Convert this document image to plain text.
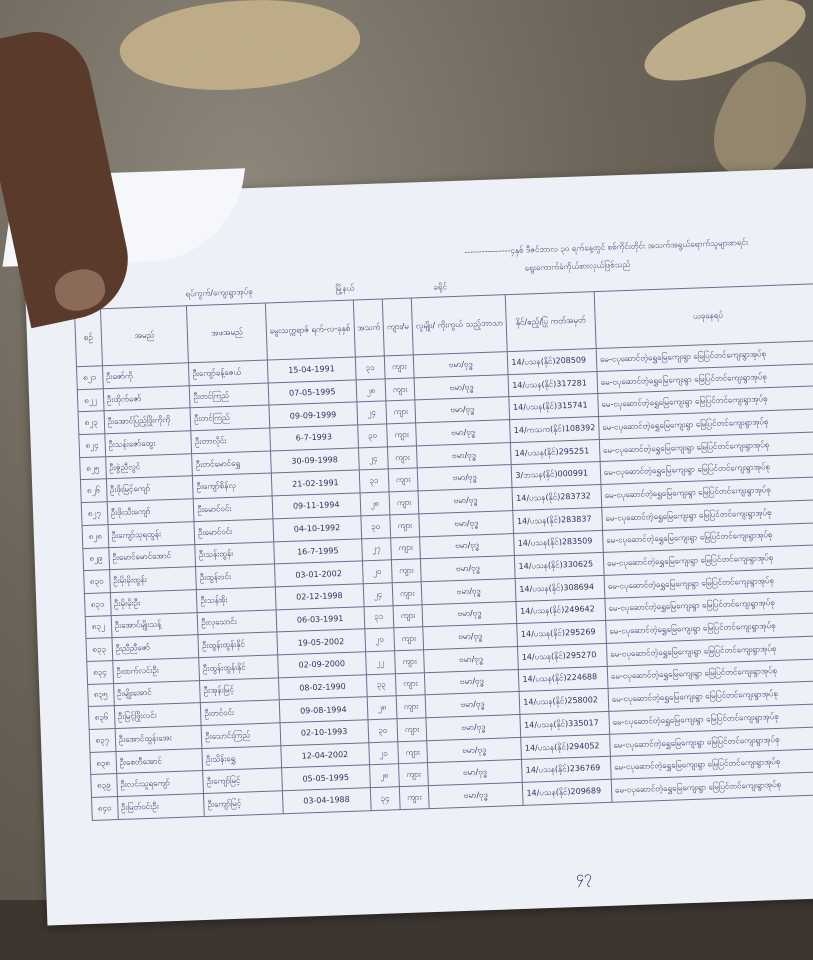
----------------၄နှစ် ဒီဇင်ဘာလ ၃၀ ရက်နေ့တွင် စစ်ကိုင်းတိုင်း အသက်အရွယ်ရောက်သူများစာရင်း
ရွေးကောက်ခံကိုယ်စားလှယ်ဖြစ်သည်
ရပ်ကွက်/ကျေးရွာအုပ်စု	မြို့နယ်	ခရိုင်
စဉ်	အမည်	အဖအမည်	မွေးသက္ကရာဇ် ရက်-လ-ခုနှစ်	အသက်	ကျား/မ	လူမျိုး/ ကိုးကွယ် သည့်ဘာသာ	နိုင်/ဧည့်/ပြု ကတ်အမှတ်	ယခုနေရပ်
၈၂၁	ဦးဇော်ကို	ဦးကျော်ခန့်ဇေယ်	15-04-1991	၃၁	ကျား	ဗမာ/ဗုဒ္ဓ	14/ပသန(နိုင်)208509	မေ-ငပုဆောင်တဲ့ရွှေမြေကျေးရွာ မြေပြင်တင်ကျေးရွာအုပ်စု
၈၂၂	ဦးထိုက်ဇော်	ဦးတင်ကြည်	07-05-1995	၂၈	ကျား	ဗမာ/ဗုဒ္ဓ	14/ပသန(နိုင်)317281	မေ-ငပုဆောင်တဲ့ရွှေမြေကျေးရွာ မြေပြင်တင်ကျေးရွာအုပ်စု
၈၂၃	ဦးအောင်ပြည့်ဖြိုးကိုကို	ဦးတင်ကြည်	09-09-1999	၂၄	ကျား	ဗမာ/ဗုဒ္ဓ	14/ပသန(နိုင်)315741	မေ-ငပုဆောင်တဲ့ရွှေမြေကျေးရွာ မြေပြင်တင်ကျေးရွာအုပ်စု
၈၂၄	ဦးသန်းဇော်ထွေး	ဦးတာလိုင်း	6-7-1993	၃၀	ကျား	ဗမာ/ဗုဒ္ဓ	14/ကသက(နိုင်)108392	မေ-ငပုဆောင်တဲ့ရွှေမြေကျေးရွာ မြေပြင်တင်ကျေးရွာအုပ်စု
၈၂၅	ဦးဇွဲညီလွင်	ဦးတင်မောင်ရွှေ	30-09-1998	၂၄	ကျား	ဗမာ/ဗုဒ္ဓ	14/ပသန(နိုင်)295251	မေ-ငပုဆောင်တဲ့ရွှေမြေကျေးရွာ မြေပြင်တင်ကျေးရွာအုပ်စု
၈၂၆	ဦးဖိုးမြင့်ကျော်	ဦးကျော်စိန်လှ	21-02-1991	၃၁	ကျား	ဗမာ/ဗုဒ္ဓ	3/ဘသန(နိုင်)000991	မေ-ငပုဆောင်တဲ့ရွှေမြေကျေးရွာ မြေပြင်တင်ကျေးရွာအုပ်စု
၈၂၇	ဦးဖိုးသီးကျော်	ဦးမောင်ဝင်း	09-11-1994	၂၈	ကျား	ဗမာ/ဗုဒ္ဓ	14/ပသန(နိုင်)283732	မေ-ငပုဆောင်တဲ့ရွှေမြေကျေးရွာ မြေပြင်တင်ကျေးရွာအုပ်စု
၈၂၈	ဦးကျော်သုရထွန်း	ဦးမောင်ဝင်း	04-10-1992	၃၀	ကျား	ဗမာ/ဗုဒ္ဓ	14/ပသန(နိုင်)283837	မေ-ငပုဆောင်တဲ့ရွှေမြေကျေးရွာ မြေပြင်တင်ကျေးရွာအုပ်စု
၈၂၉	ဦးမောင်မောင်အောင်	ဦးသန်းထွန်း	16-7-1995	၂၇	ကျား	ဗမာ/ဗုဒ္ဓ	14/ပသန(နိုင်)283509	မေ-ငပုဆောင်တဲ့ရွှေမြေကျေးရွာ မြေပြင်တင်ကျေးရွာအုပ်စု
၈၃၀	ဦးမိုးမိုးထွန်း	ဦးထွန်းဝင်း	03-01-2002	၂၀	ကျား	ဗမာ/ဗုဒ္ဓ	14/ပသန(နိုင်)330625	မေ-ငပုဆောင်တဲ့ရွှေမြေကျေးရွာ မြေပြင်တင်ကျေးရွာအုပ်စု
၈၃၁	ဦးမိုးမိုးဦး	ဦးသန်းစိုး	02-12-1998	၂၄	ကျား	ဗမာ/ဗုဒ္ဓ	14/ပသန(နိုင်)308694	မေ-ငပုဆောင်တဲ့ရွှေမြေကျေးရွာ မြေပြင်တင်ကျေးရွာအုပ်စု
၈၃၂	ဦးအောင်မျိုးသန့်	ဦးလှသောင်း	06-03-1991	၃၁	ကျား	ဗမာ/ဗုဒ္ဓ	14/ပသန(နိုင်)249642	မေ-ငပုဆောင်တဲ့ရွှေမြေကျေးရွာ မြေပြင်တင်ကျေးရွာအုပ်စု
၈၃၃	ဦးညီညီဇော်	ဦးထွန်းထွန်းနိုင်	19-05-2002	၂၀	ကျား	ဗမာ/ဗုဒ္ဓ	14/ပသန(နိုင်)295269	မေ-ငပုဆောင်တဲ့ရွှေမြေကျေးရွာ မြေပြင်တင်ကျေးရွာအုပ်စု
၈၃၄	ဦးထက်လင်းဦး	ဦးထွန်းထွန်းနိုင်	02-09-2000	၂၂	ကျား	ဗမာ/ဗုဒ္ဓ	14/ပသန(နိုင်)295270	မေ-ငပုဆောင်တဲ့ရွှေမြေကျေးရွာ မြေပြင်တင်ကျေးရွာအုပ်စု
၈၃၅	ဦးမျိုးအောင်	ဦးအုန်းမြင့်	08-02-1990	၃၃	ကျား	ဗမာ/ဗုဒ္ဓ	14/ပသန(နိုင်)224688	မေ-ငပုဆောင်တဲ့ရွှေမြေကျေးရွာ မြေပြင်တင်ကျေးရွာအုပ်စု
၈၃၆	ဦးမြင့်ဖြိုးလင်း	ဦးတင်ဝင်း	09-08-1994	၂၈	ကျား	ဗမာ/ဗုဒ္ဓ	14/ပသန(နိုင်)258002	မေ-ငပုဆောင်တဲ့ရွှေမြေကျေးရွာ မြေပြင်တင်ကျေးရွာအုပ်စု
၈၃၇	ဦးအောင်ထွန်းအေး	ဦးသောင်းကြည်	02-10-1993	၃၀	ကျား	ဗမာ/ဗုဒ္ဓ	14/ပသန(နိုင်)335017	မေ-ငပုဆောင်တဲ့ရွှေမြေကျေးရွာ မြေပြင်တင်ကျေးရွာအုပ်စု
၈၃၈	ဦးစေတီအောင်	ဦးသိန်းရွှေ	12-04-2002	၂၀	ကျား	ဗမာ/ဗုဒ္ဓ	14/ပသန(နိုင်)294052	မေ-ငပုဆောင်တဲ့ရွှေမြေကျေးရွာ မြေပြင်တင်ကျေးရွာအုပ်စု
၈၃၉	ဦးလင်းသူရကျော်	ဦးကျော်မြင့်	05-05-1995	၂၈	ကျား	ဗမာ/ဗုဒ္ဓ	14/ပသန(နိုင်)236769	မေ-ငပုဆောင်တဲ့ရွှေမြေကျေးရွာ မြေပြင်တင်ကျေးရွာအုပ်စု
၈၄၀	ဦးမြတ်ဝင်းဦး	ဦးကျော်မြင့်	03-04-1988	၃၄	ကျား	ဗမာ/ဗုဒ္ဓ	14/ပသန(နိုင်)209689	မေ-ငပုဆောင်တဲ့ရွှေမြေကျေးရွာ မြေပြင်တင်ကျေးရွာအုပ်စု
၄၇
